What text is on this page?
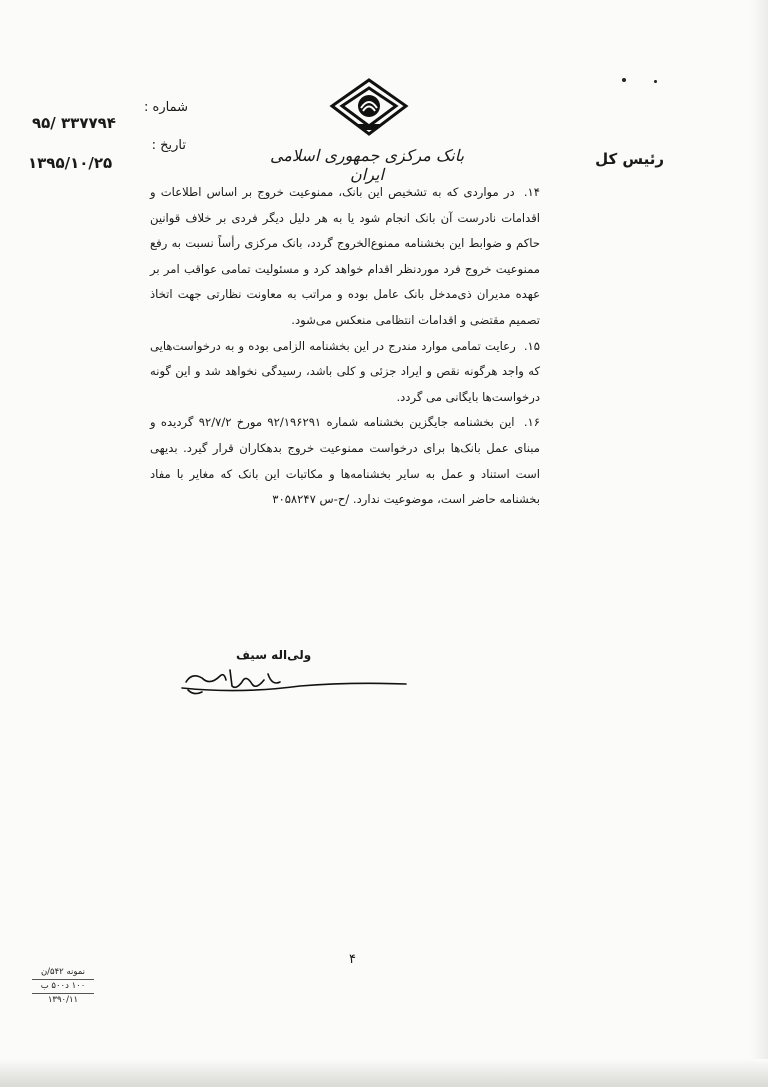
شماره :
۹۵/ ۳۳۷۷۹۴
تاریخ :
۱۳۹۵/۱۰/۲۵	بانک مرکزی جمهوری اسلامی ایران
رئیس کل

۱۴. در مواردی که به تشخیص این بانک، ممنوعیت خروج بر اساس اطلاعات و اقدامات نادرست آن بانک انجام شود یا به هر دلیل دیگر فردی بر خلاف قوانین حاکم و ضوابط این بخشنامه ممنوع‌الخروج گردد، بانک مرکزی رأساً نسبت به رفع ممنوعیت خروج فرد موردنظر اقدام خواهد کرد و مسئولیت تمامی عواقب امر بر عهده مدیران ذی‌مدخل بانک عامل بوده و مراتب به معاونت نظارتی جهت اتخاذ تصمیم مقتضی و اقدامات انتظامی منعکس می‌شود.

۱۵. رعایت تمامی موارد مندرج در این بخشنامه الزامی بوده و به درخواست‌هایی که واجد هرگونه نقص و ایراد جزئی و کلی باشد، رسیدگی نخواهد شد و این گونه درخواست‌ها بایگانی می گردد.

۱۶. این بخشنامه جایگزین بخشنامه شماره ۹۲/۱۹۶۲۹۱ مورخ ۹۲/۷/۲ گردیده و مبنای عمل بانک‌ها برای درخواست ممنوعیت خروج بدهکاران قرار گیرد. بدیهی است استناد و عمل به سایر بخشنامه‌ها و مکاتبات این بانک که مغایر با مفاد بخشنامه حاضر است، موضوعیت ندارد. /ح-س ۳۰۵۸۲۴۷

ولی‌اله سیف
۴
نمونه ۵۴۲/ن
۱۰۰ د۵۰۰ ب
۱۳۹۰/۱۱
